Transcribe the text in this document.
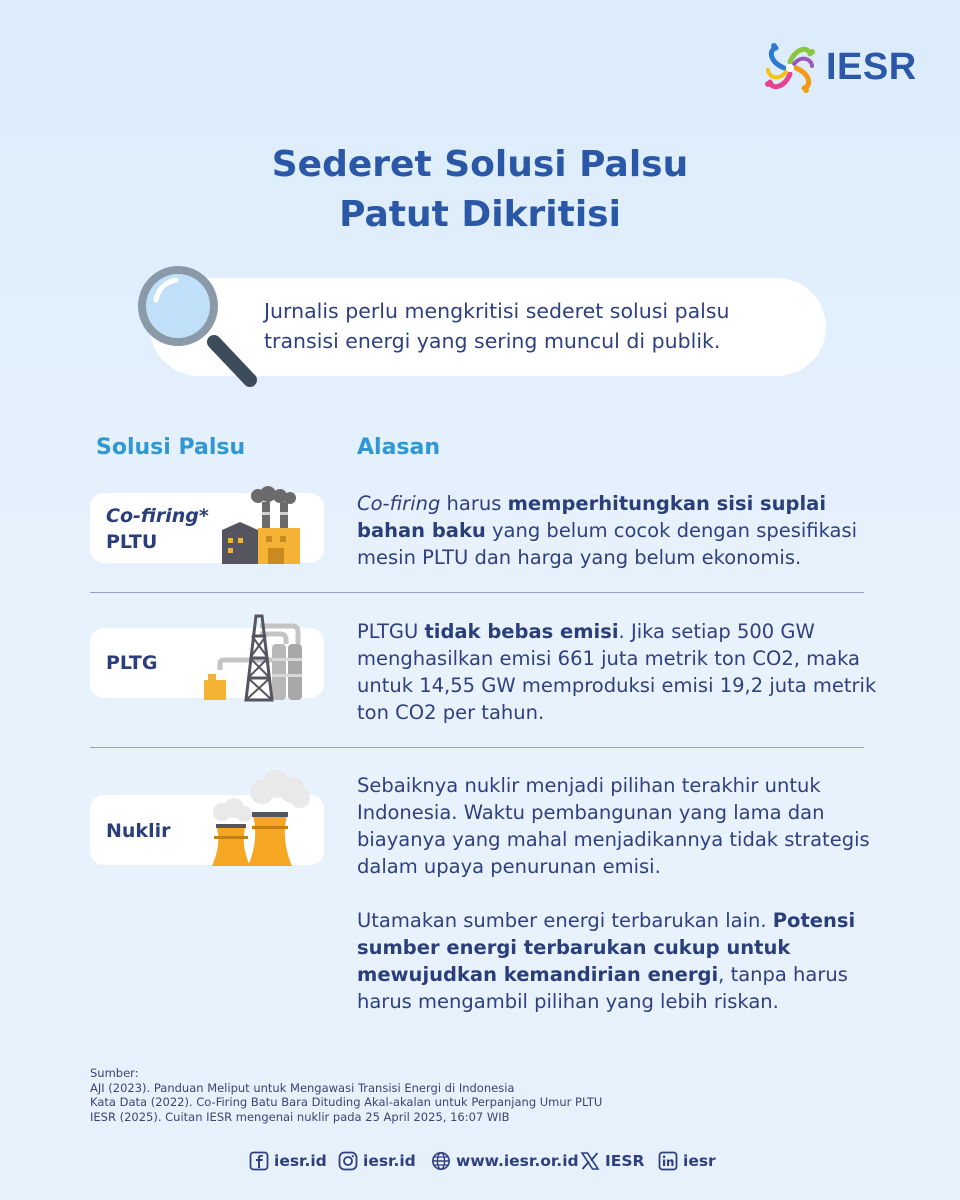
IESR
Sederet Solusi Palsu
Patut Dikritisi
Jurnalis perlu mengkritisi sederet solusi palsu
transisi energi yang sering muncul di publik.
Solusi Palsu	Alasan
Co-firing*
PLTU
Co-firing harus memperhitungkan sisi suplai bahan baku yang belum cocok dengan spesifikasi mesin PLTU dan harga yang belum ekonomis.
PLTG
PLTGU tidak bebas emisi. Jika setiap 500 GW menghasilkan emisi 661 juta metrik ton CO2, maka untuk 14,55 GW memproduksi emisi 19,2 juta metrik ton CO2 per tahun.
Nuklir
Sebaiknya nuklir menjadi pilihan terakhir untuk Indonesia. Waktu pembangunan yang lama dan biayanya yang mahal menjadikannya tidak strategis dalam upaya penurunan emisi.
Utamakan sumber energi terbarukan lain. Potensi sumber energi terbarukan cukup untuk mewujudkan kemandirian energi, tanpa harus harus mengambil pilihan yang lebih riskan.
Sumber:
AJI (2023). Panduan Meliput untuk Mengawasi Transisi Energi di Indonesia
Kata Data (2022). Co-Firing Batu Bara Dituding Akal-akalan untuk Perpanjang Umur PLTU
IESR (2025). Cuitan IESR mengenai nuklir pada 25 April 2025, 16:07 WIB
iesr.id iesr.id	www.iesr.or.id IESR iesr
